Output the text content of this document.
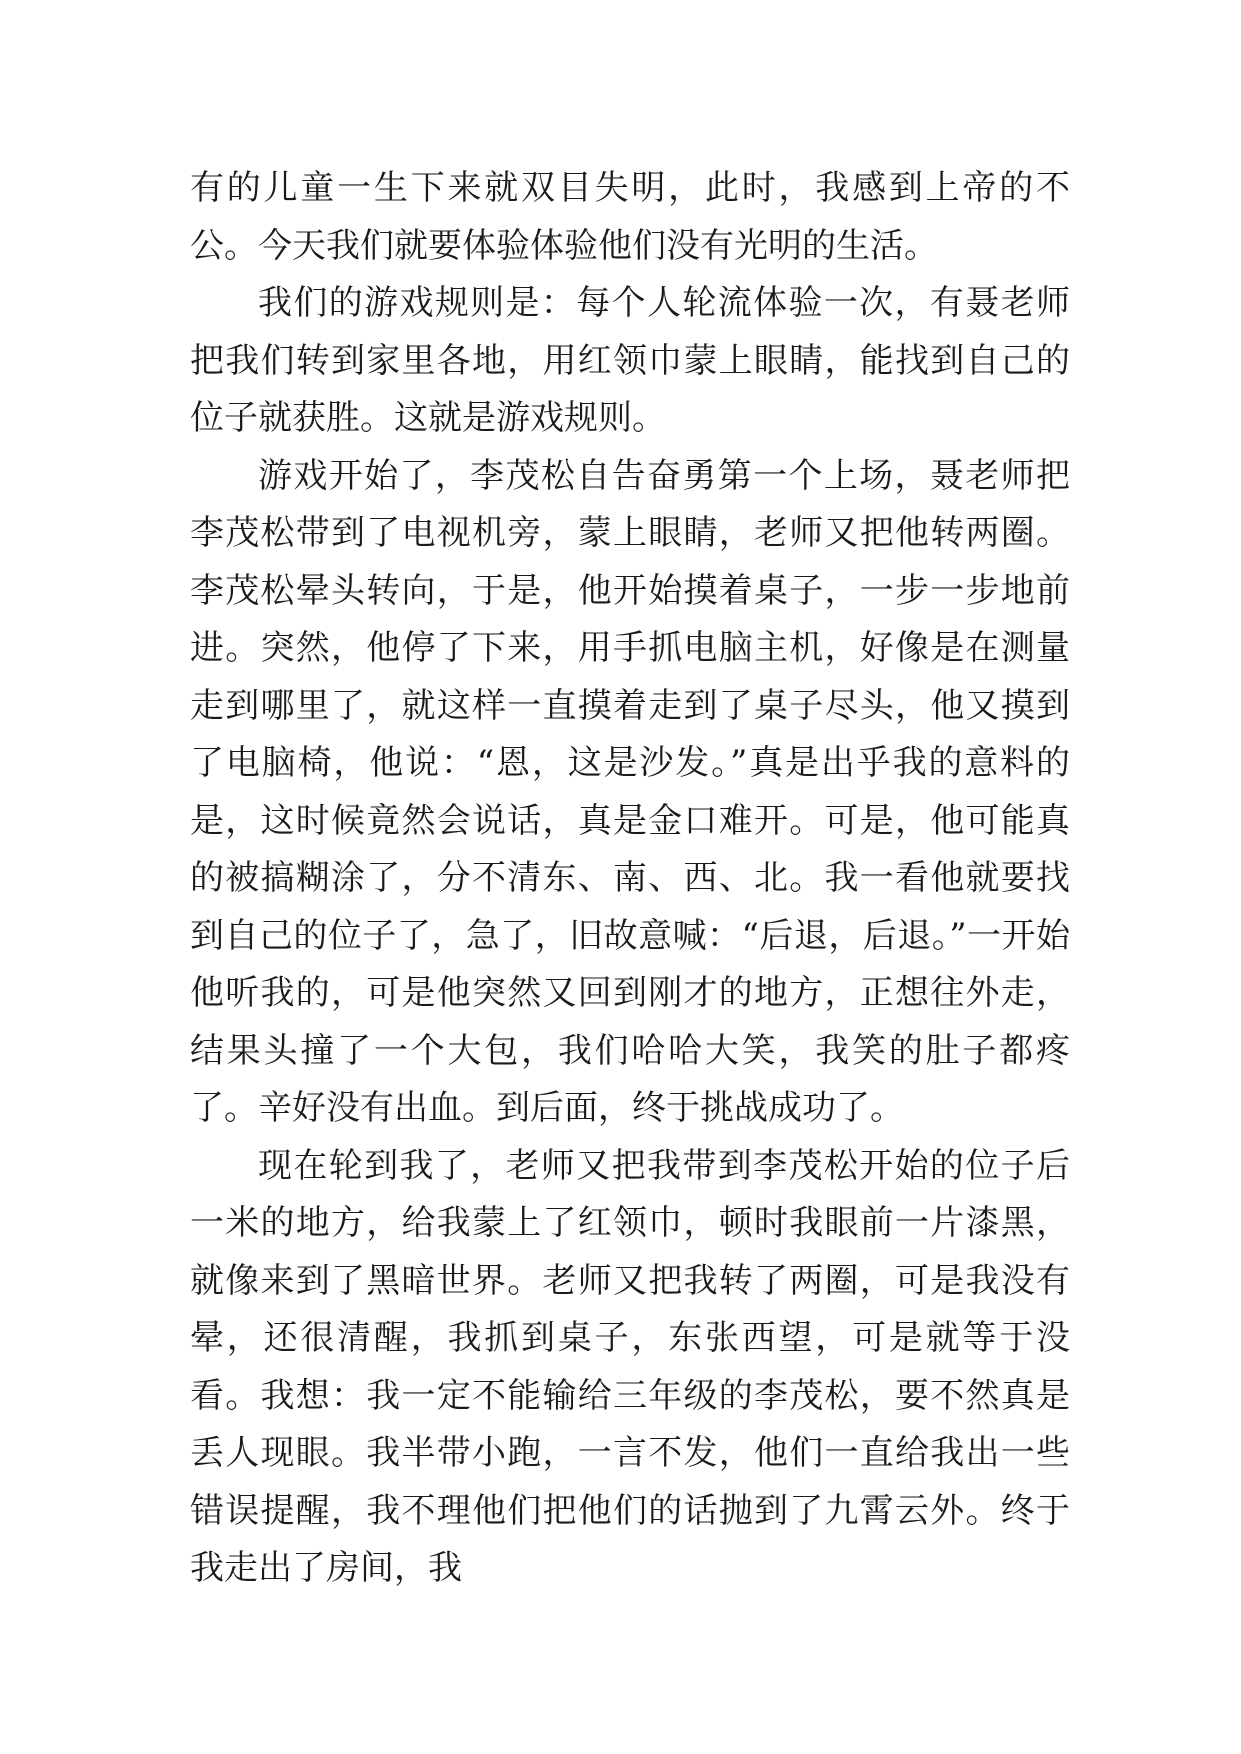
有的儿童一生下来就双目失明，此时，我感到上帝的不公。今天我们就要体验体验他们没有光明的生活。

我们的游戏规则是：每个人轮流体验一次，有聂老师把我们转到家里各地，用红领巾蒙上眼睛，能找到自己的位子就获胜。这就是游戏规则。

游戏开始了，李茂松自告奋勇第一个上场，聂老师把李茂松带到了电视机旁，蒙上眼睛，老师又把他转两圈。李茂松晕头转向，于是，他开始摸着桌子，一步一步地前进。突然，他停了下来，用手抓电脑主机，好像是在测量走到哪里了，就这样一直摸着走到了桌子尽头，他又摸到了电脑椅，他说：“恩，这是沙发。”真是出乎我的意料的是，这时候竟然会说话，真是金口难开。可是，他可能真的被搞糊涂了，分不清东、南、西、北。我一看他就要找到自己的位子了，急了，旧故意喊：“后退，后退。”一开始他听我的，可是他突然又回到刚才的地方，正想往外走，结果头撞了一个大包，我们哈哈大笑，我笑的肚子都疼了。辛好没有出血。到后面，终于挑战成功了。

现在轮到我了，老师又把我带到李茂松开始的位子后一米的地方，给我蒙上了红领巾，顿时我眼前一片漆黑，就像来到了黑暗世界。老师又把我转了两圈，可是我没有晕，还很清醒，我抓到桌子，东张西望，可是就等于没看。我想：我一定不能输给三年级的李茂松，要不然真是丢人现眼。我半带小跑，一言不发，他们一直给我出一些错误提醒，我不理他们把他们的话抛到了九霄云外。终于我走出了房间，我
